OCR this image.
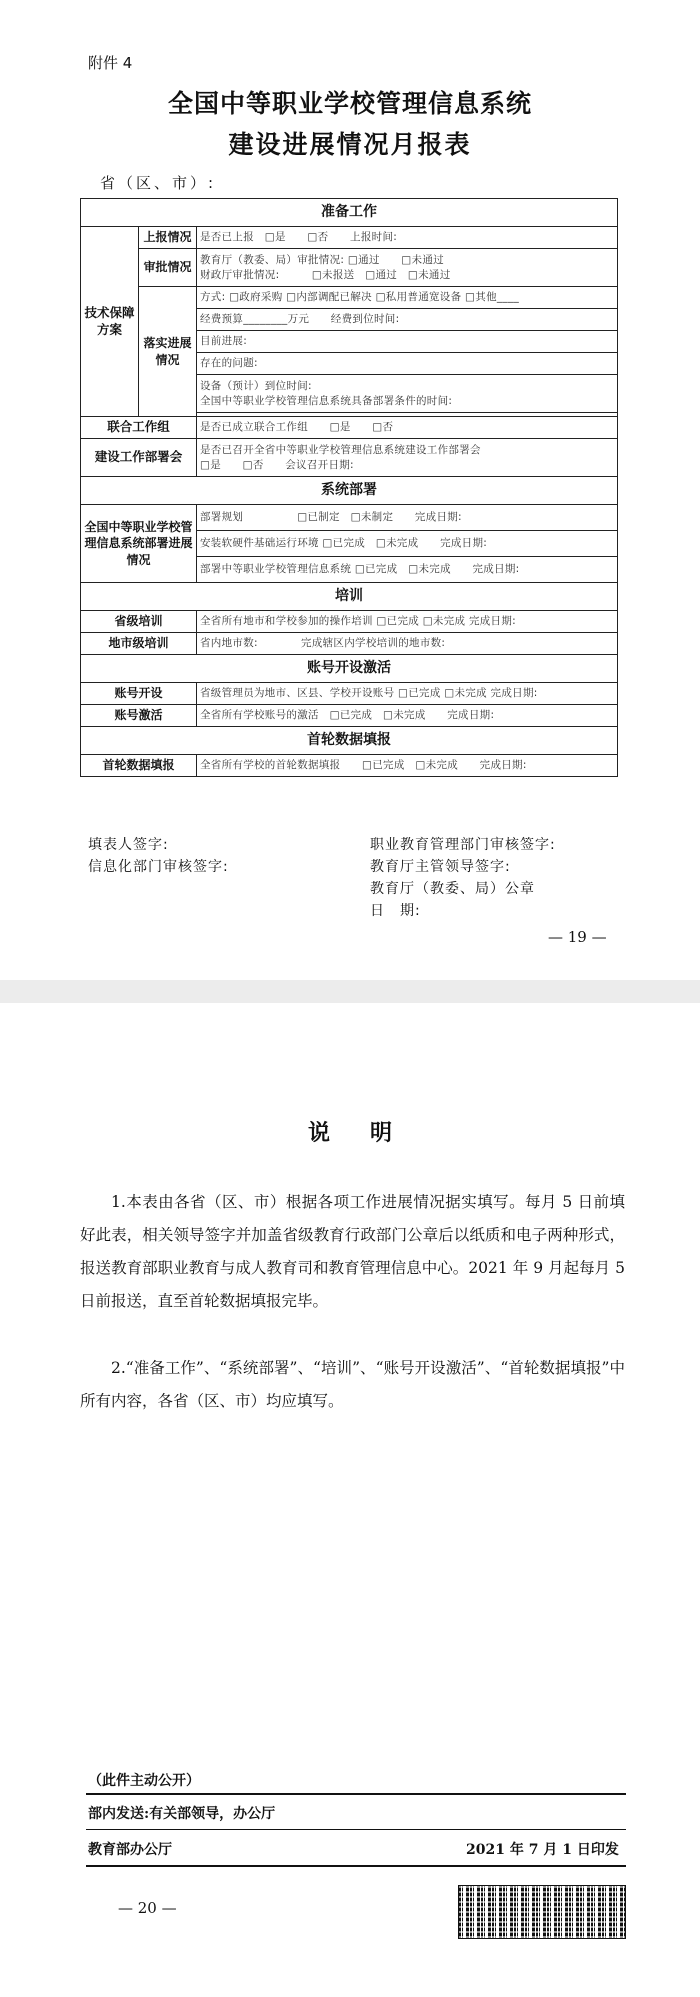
附件 4
全国中等职业学校管理信息系统
建设进展情况月报表
省（区、市）:
准备工作		
技术保障方案	上报情况	是否已上报　□是　　□否　　上报时间:
	审批情况	教育厅（教委、局）审批情况: □通过　　□未通过
财政厅审批情况:　　　□未报送　□通过　□未通过

	落实进展情况	方式: □政府采购 □内部调配已解决 □私用普通宽设备 □其他____
		经费预算________万元　　经费到位时间:
		目前进展:
		存在的问题:

		设备（预计）到位时间:
全国中等职业学校管理信息系统具备部署条件的时间:

联合工作组		是否已成立联合工作组　　□是　　□否
建设工作部署会		是否已召开全省中等职业学校管理信息系统建设工作部署会
□是　　□否　　会议召开日期:

系统部署		
全国中等职业学校管理信息系统部署进展情况		部署规划　　　　　□已制定　□未制定　　完成日期:
		安装软硬件基础运行环境 □已完成　□未完成　　完成日期:
		部署中等职业学校管理信息系统 □已完成　□未完成　　完成日期:
培训		
省级培训		全省所有地市和学校参加的操作培训 □已完成 □未完成 完成日期:
地市级培训		省内地市数:　　　　完成辖区内学校培训的地市数:
账号开设激活		
账号开设		省级管理员为地市、区县、学校开设账号 □已完成 □未完成 完成日期:
账号激活		全省所有学校账号的激活　□已完成　□未完成　　完成日期:
首轮数据填报		
首轮数据填报		全省所有学校的首轮数据填报　　□已完成　□未完成　　完成日期:
填表人签字:
信息化部门审核签字:
职业教育管理部门审核签字:
教育厅主管领导签字:
教育厅（教委、局）公章
日　期:
— 19 —
说明
1.本表由各省（区、市）根据各项工作进展情况据实填写。每月 5 日前填好此表，相关领导签字并加盖省级教育行政部门公章后以纸质和电子两种形式，报送教育部职业教育与成人教育司和教育管理信息中心。2021 年 9 月起每月 5 日前报送，直至首轮数据填报完毕。
2.“准备工作”、“系统部署”、“培训”、“账号开设激活”、“首轮数据填报”中所有内容，各省（区、市）均应填写。
（此件主动公开）
部内发送:有关部领导，办公厅
教育部办公厅	2021 年 7 月 1 日印发
— 20 —
